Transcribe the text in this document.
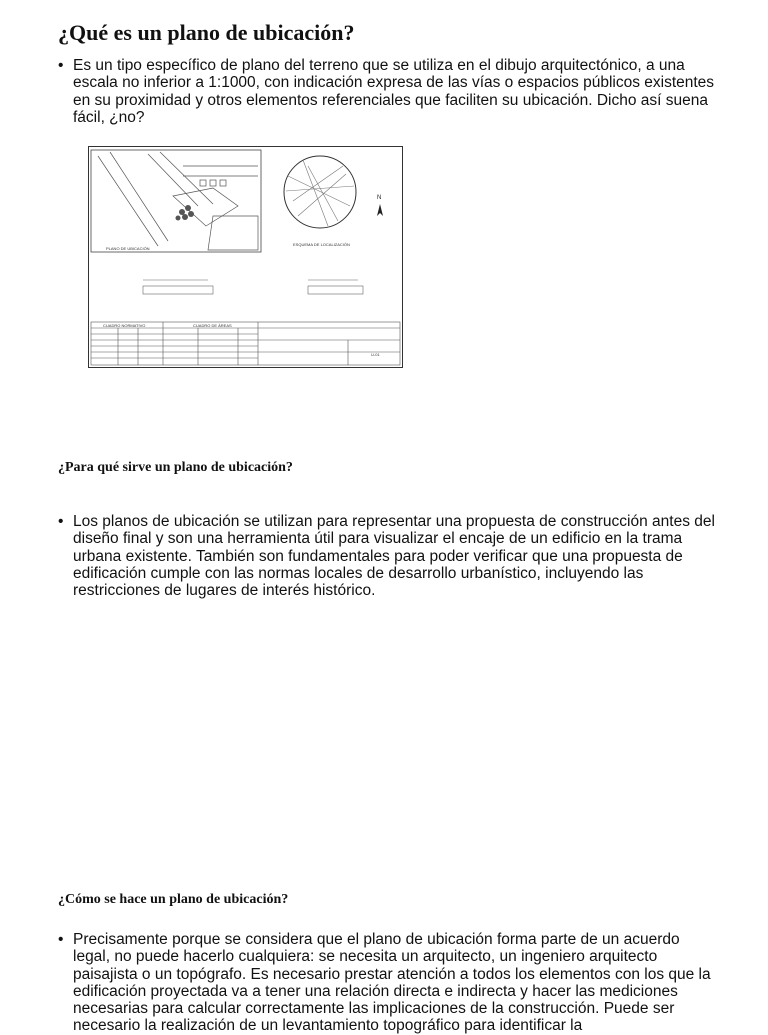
¿Qué es un plano de ubicación?
• Es un tipo específico de plano del terreno que se utiliza en el dibujo arquitectónico, a una escala no inferior a 1:1000, con indicación expresa de las vías o espacios públicos existentes en su proximidad y otros elementos referenciales que faciliten su ubicación. Dicho así suena fácil, ¿no?
PLANO DE UBICACIÓN
ESQUEMA DE LOCALIZACIÓN
N
CUADRO NORMATIVO	CUADRO DE ÁREAS
U-01
¿Para qué sirve un plano de ubicación?
• Los planos de ubicación se utilizan para representar una propuesta de construcción antes del diseño final y son una herramienta útil para visualizar el encaje de un edificio en la trama urbana existente. También son fundamentales para poder verificar que una propuesta de edificación cumple con las normas locales de desarrollo urbanístico, incluyendo las restricciones de lugares de interés histórico.
¿Cómo se hace un plano de ubicación?
• Precisamente porque se considera que el plano de ubicación forma parte de un acuerdo legal, no puede hacerlo cualquiera: se necesita un arquitecto, un ingeniero arquitecto paisajista o un topógrafo. Es necesario prestar atención a todos los elementos con los que la edificación proyectada va a tener una relación directa e indirecta y hacer las mediciones necesarias para calcular correctamente las implicaciones de la construcción. Puede ser necesario la realización de un levantamiento topográfico para identificar la
